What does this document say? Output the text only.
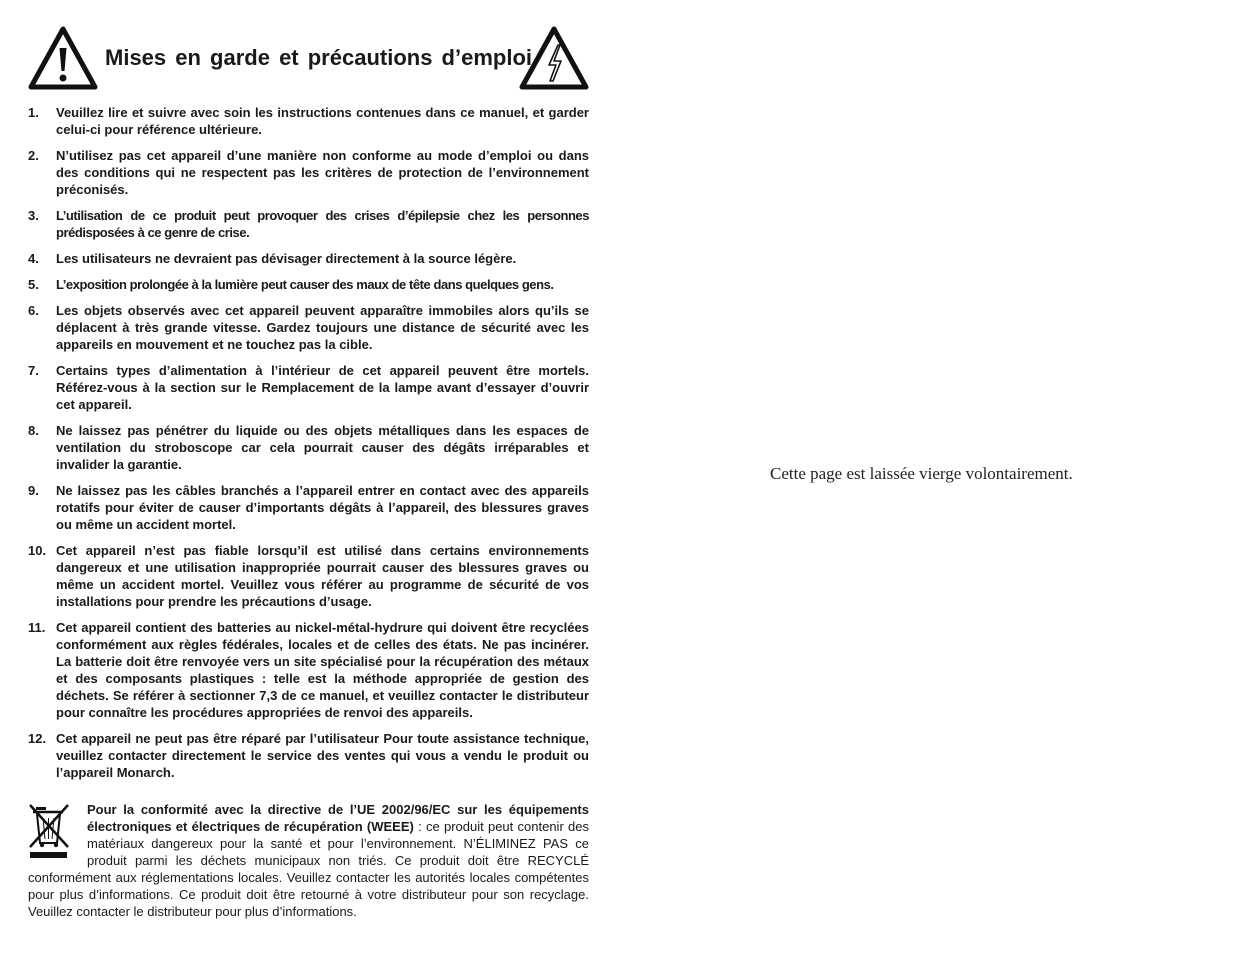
Mises en garde et précautions d’emploi
1.	Veuillez lire et suivre avec soin les instructions contenues dans ce manuel, et garder celui-ci pour référence ultérieure.
2.	N’utilisez pas cet appareil d’une manière non conforme au mode d’emploi ou dans des conditions qui ne respectent pas les critères de protection de l’environnement préconisés.
3.	L’utilisation de ce produit peut provoquer des crises d’épilepsie chez les personnes prédisposées à ce genre de crise.
4.	Les utilisateurs ne devraient pas dévisager directement à la source légère.
5.	L’exposition prolongée à la lumière peut causer des maux de tête dans quelques gens.
6.	Les objets observés avec cet appareil peuvent apparaître immobiles alors qu’ils se déplacent à très grande vitesse. Gardez toujours une distance de sécurité avec les appareils en mouvement et ne touchez pas la cible.
7.	Certains types d’alimentation à l’intérieur de cet appareil peuvent être mortels. Référez-vous à la section sur le Remplacement de la lampe avant d’essayer d’ouvrir cet appareil.
8.	Ne laissez pas pénétrer du liquide ou des objets métalliques dans les espaces de ventilation du stroboscope car cela pourrait causer des dégâts irréparables et invalider la garantie.
9.	Ne laissez pas les câbles branchés a l’appareil entrer en contact avec des appareils rotatifs pour éviter de causer d’importants dégâts à l’appareil, des blessures graves ou même un accident mortel.
10. Cet appareil n’est pas fiable lorsqu’il est utilisé dans certains environnements dangereux et une utilisation inappropriée pourrait causer des blessures graves ou même un accident mortel. Veuillez vous référer au programme de sécurité de vos installations pour prendre les précautions d’usage.
11. Cet appareil contient des batteries au nickel-métal-hydrure qui doivent être recyclées conformément aux règles fédérales, locales et de celles des états. Ne pas incinérer. La batterie doit être renvoyée vers un site spécialisé pour la récupération des métaux et des composants plastiques : telle est la méthode appropriée de gestion des déchets. Se référer à sectionner 7,3 de ce manuel, et veuillez contacter le distributeur pour connaître les procédures appropriées de renvoi des appareils.
12. Cet appareil ne peut pas être réparé par l’utilisateur Pour toute assistance technique, veuillez contacter directement le service des ventes qui vous a vendu le produit ou l’appareil Monarch.
Pour la conformité avec la directive de l’UE 2002/96/EC sur les équipements électroniques et électriques de récupération (WEEE) : ce produit peut contenir des matériaux dangereux pour la santé et pour l’environnement. N’ÉLIMINEZ PAS ce produit parmi les déchets municipaux non triés. Ce produit doit être RECYCLÉ conformément aux réglementations locales. Veuillez contacter les autorités locales compétentes pour plus d’informations. Ce produit doit être retourné à votre distributeur pour son recyclage. Veuillez contacter le distributeur pour plus d’informations.

Cette page est laissée vierge volontairement.
